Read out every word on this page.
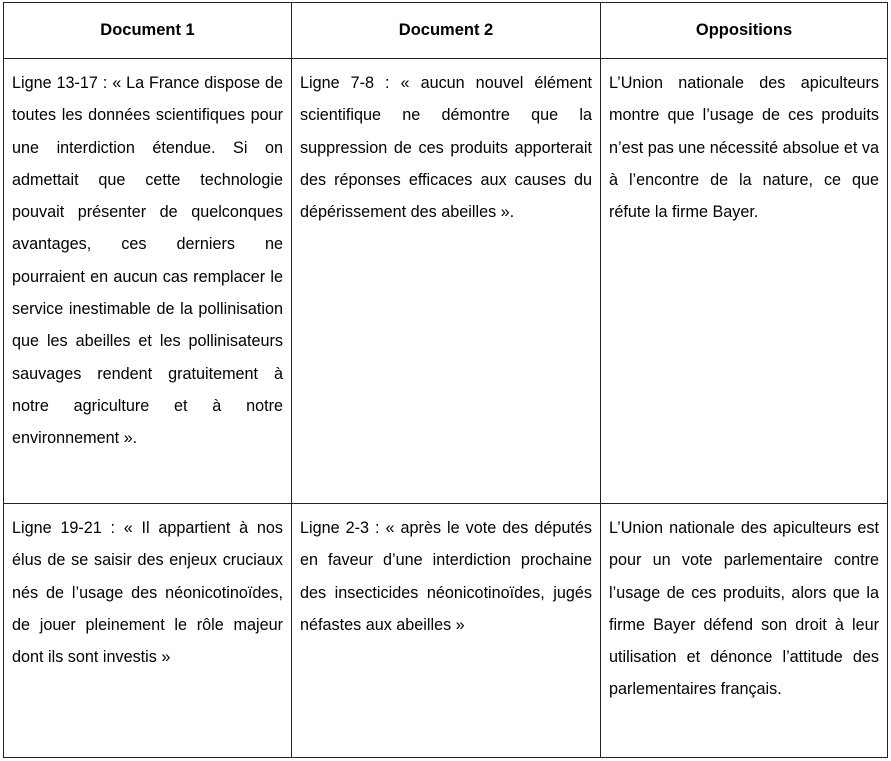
Document 1	Document 2	Oppositions

Ligne 13-17 : « La France dispose de toutes les données scientifiques pour une interdiction étendue. Si on admettait que cette technologie pouvait présenter de quelconques avantages, ces derniers ne pourraient en aucun cas remplacer le service inestimable de la pollinisation que les abeilles et les pollinisateurs sauvages rendent gratuitement à notre agriculture et à notre environnement ».	Ligne 7-8 : « aucun nouvel élément scientifique ne démontre que la suppression de ces produits apporterait des réponses efficaces aux causes du dépérissement des abeilles ».	L’Union nationale des apiculteurs montre que l’usage de ces produits n’est pas une nécessité absolue et va à l’encontre de la nature, ce que réfute la firme Bayer.

Ligne 19-21 : « Il appartient à nos élus de se saisir des enjeux cruciaux nés de l’usage des néonicotinoïdes, de jouer pleinement le rôle majeur dont ils sont investis »	Ligne 2-3 : « après le vote des députés en faveur d’une interdiction prochaine des insecticides néonicotinoïdes, jugés néfastes aux abeilles »	L’Union nationale des apiculteurs est pour un vote parlementaire contre l’usage de ces produits, alors que la firme Bayer défend son droit à leur utilisation et dénonce l’attitude des parlementaires français.
